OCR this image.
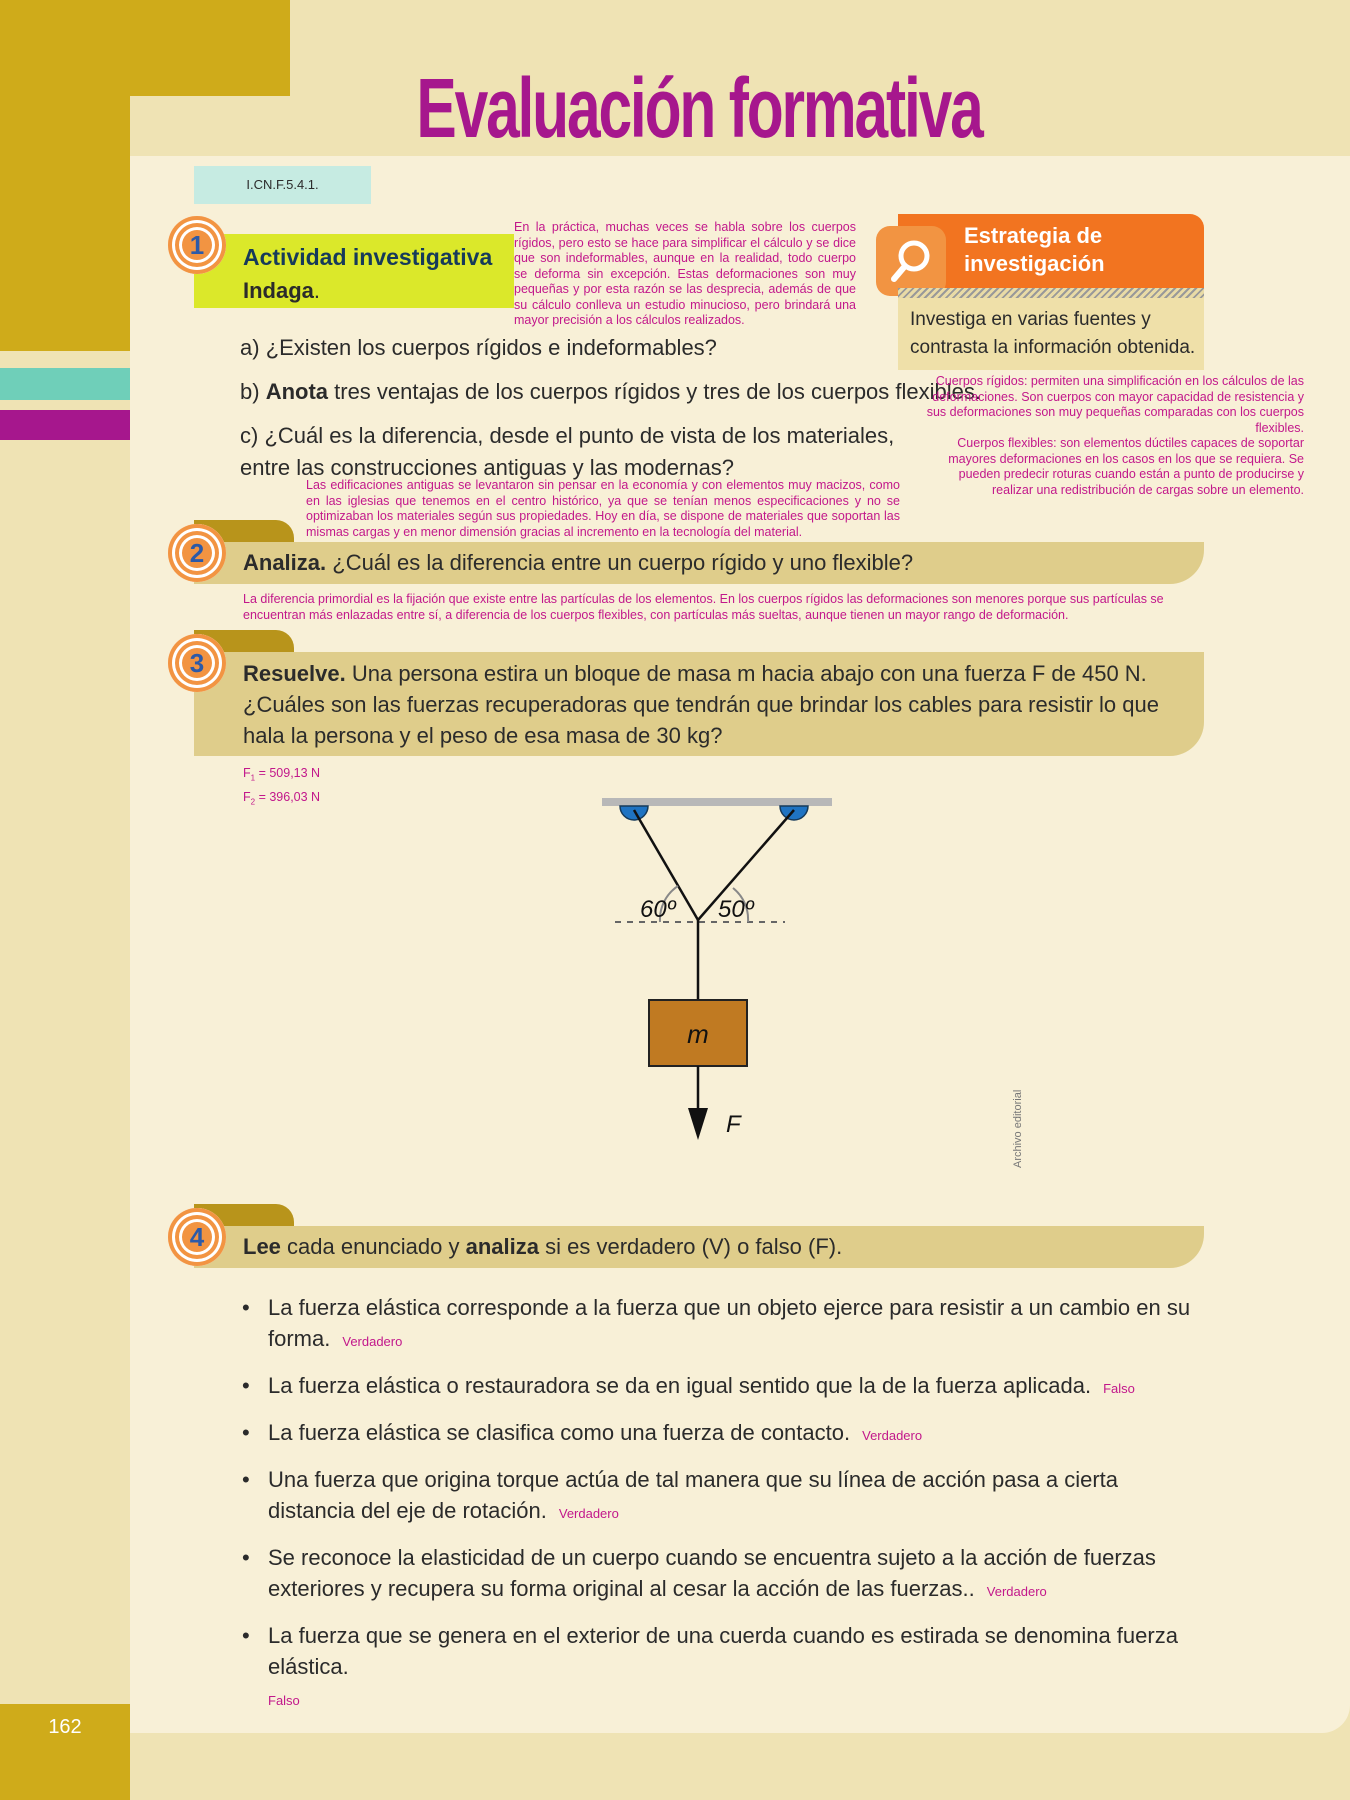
162
Evaluación formativa
I.CN.F.5.4.1.
1	Actividad investigativa
Indaga.
En la práctica, muchas veces se habla sobre los cuerpos rígidos, pero esto se hace para simplificar el cálculo y se dice que son indeformables, aunque en la realidad, todo cuerpo se deforma sin excepción. Estas deformaciones son muy pequeñas y por esta razón se las desprecia, además de que su cálculo conlleva un estudio minucioso, pero brindará una mayor precisión a los cálculos realizados.
Estrategia de investigación
Investiga en varias fuentes y contrasta la información obtenida.
a) ¿Existen los cuerpos rígidos e indeformables?
b) Anota tres ventajas de los cuerpos rígidos y tres de los cuerpos flexibles.
Cuerpos rígidos: permiten una simplificación en los cálculos de las deformaciones. Son cuerpos con mayor capacidad de resistencia y sus deformaciones son muy pequeñas comparadas con los cuerpos flexibles.
Cuerpos flexibles: son elementos dúctiles capaces de soportar mayores deformaciones en los casos en los que se requiera. Se pueden predecir roturas cuando están a punto de producirse y realizar una redistribución de cargas sobre un elemento.
c) ¿Cuál es la diferencia, desde el punto de vista de los materiales, entre las construcciones antiguas y las modernas?
Las edificaciones antiguas se levantaron sin pensar en la economía y con elementos muy macizos, como en las iglesias que tenemos en el centro histórico, ya que se tenían menos especificaciones y no se optimizaban los materiales según sus propiedades. Hoy en día, se dispone de materiales que soportan las mismas cargas y en menor dimensión gracias al incremento en la tecnología del material.
2	Analiza. ¿Cuál es la diferencia entre un cuerpo rígido y uno flexible?
La diferencia primordial es la fijación que existe entre las partículas de los elementos. En los cuerpos rígidos las deformaciones son menores porque sus partículas se encuentran más enlazadas entre sí, a diferencia de los cuerpos flexibles, con partículas más sueltas, aunque tienen un mayor rango de deformación.
3	Resuelve. Una persona estira un bloque de masa m hacia abajo con una fuerza F de 450 N. ¿Cuáles son las fuerzas recuperadoras que tendrán que brindar los cables para resistir lo que hala la persona y el peso de esa masa de 30 kg?
$F_1 = 509,13$ N
$F_2 = 396,03$ N
60º 50º
m
F	Archivo editorial
4	Lee cada enunciado y analiza si es verdadero (V) o falso (F).
• La fuerza elástica corresponde a la fuerza que un objeto ejerce para resistir a un cambio en su forma. Verdadero
• La fuerza elástica o restauradora se da en igual sentido que la de la fuerza aplicada. Falso
• La fuerza elástica se clasifica como una fuerza de contacto. Verdadero
• Una fuerza que origina torque actúa de tal manera que su línea de acción pasa a cierta distancia del eje de rotación. Verdadero
• Se reconoce la elasticidad de un cuerpo cuando se encuentra sujeto a la acción de fuerzas exteriores y recupera su forma original al cesar la acción de las fuerzas.. Verdadero
• La fuerza que se genera en el exterior de una cuerda cuando es estirada se denomina fuerza elástica.
Falso
